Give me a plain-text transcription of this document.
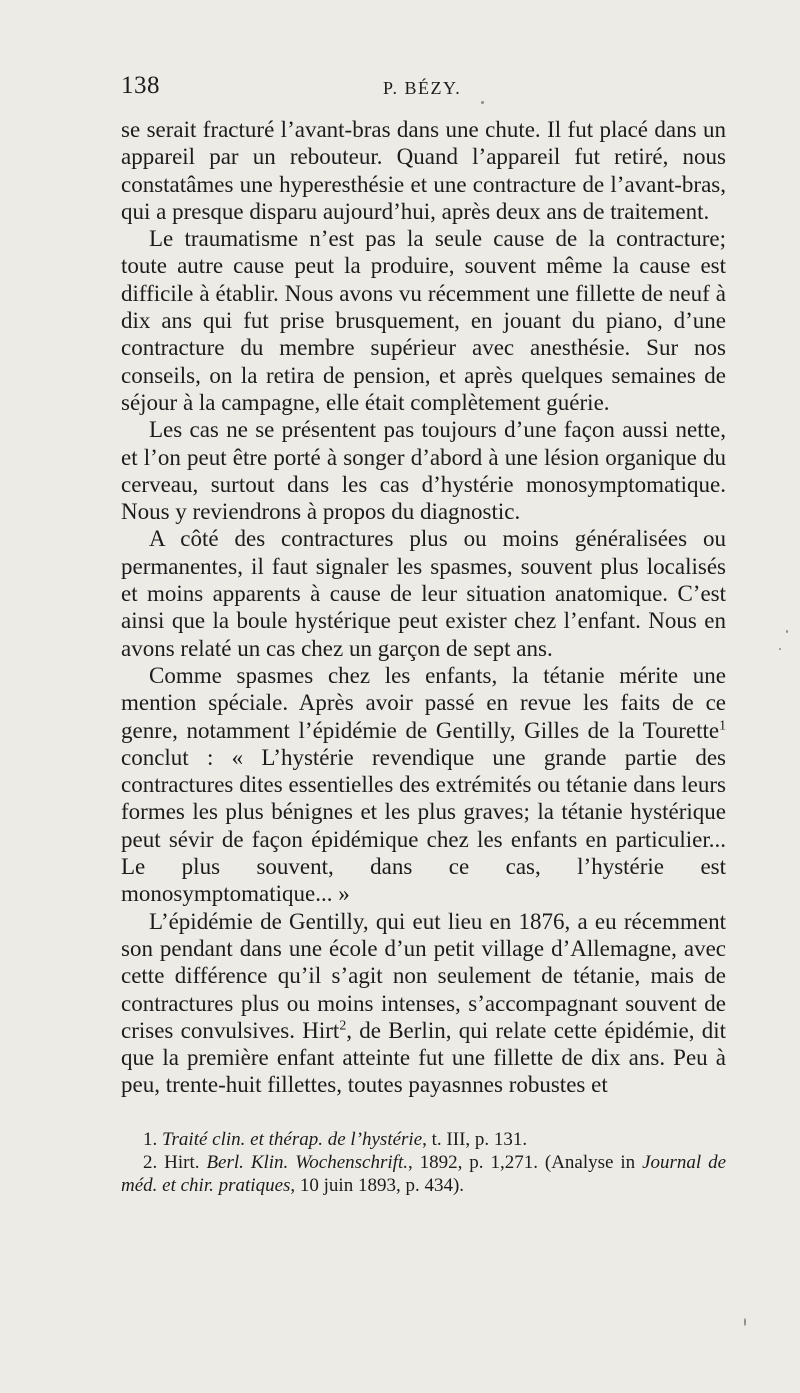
138	P. BÉZY.

se serait fracturé l’avant-bras dans une chute. Il fut placé dans un appareil par un rebouteur. Quand l’appareil fut retiré, nous constatâmes une hyperesthésie et une contracture de l’avant-bras, qui a presque disparu aujourd’hui, après deux ans de traitement.

Le traumatisme n’est pas la seule cause de la contracture; toute autre cause peut la produire, souvent même la cause est difficile à établir. Nous avons vu récemment une fillette de neuf à dix ans qui fut prise brusquement, en jouant du piano, d’une contracture du membre supérieur avec anesthésie. Sur nos conseils, on la retira de pension, et après quelques semaines de séjour à la campagne, elle était complètement guérie.

Les cas ne se présentent pas toujours d’une façon aussi nette, et l’on peut être porté à songer d’abord à une lésion organique du cerveau, surtout dans les cas d’hystérie monosymptomatique. Nous y reviendrons à propos du diagnostic.

A côté des contractures plus ou moins généralisées ou permanentes, il faut signaler les spasmes, souvent plus localisés et moins apparents à cause de leur situation anatomique. C’est ainsi que la boule hystérique peut exister chez l’enfant. Nous en avons relaté un cas chez un garçon de sept ans.

Comme spasmes chez les enfants, la tétanie mérite une mention spéciale. Après avoir passé en revue les faits de ce genre, notamment l’épidémie de Gentilly, Gilles de la Tourette$^1$ conclut : « L’hystérie revendique une grande partie des contractures dites essentielles des extrémités ou tétanie dans leurs formes les plus bénignes et les plus graves; la tétanie hystérique peut sévir de façon épidémique chez les enfants en particulier... Le plus souvent, dans ce cas, l’hystérie est monosymptomatique... »

L’épidémie de Gentilly, qui eut lieu en 1876, a eu récemment son pendant dans une école d’un petit village d’Allemagne, avec cette différence qu’il s’agit non seulement de tétanie, mais de contractures plus ou moins intenses, s’accompagnant souvent de crises convulsives. Hirt$^2$, de Berlin, qui relate cette épidémie, dit que la première enfant atteinte fut une fillette de dix ans. Peu à peu, trente-huit fillettes, toutes payasnnes robustes et

1. Traité clin. et thérap. de l’hystérie, t. III, p. 131.

2. Hirt. Berl. Klin. Wochenschrift., 1892, p. 1,271. (Analyse in Journal de méd. et chir. pratiques, 10 juin 1893, p. 434).
